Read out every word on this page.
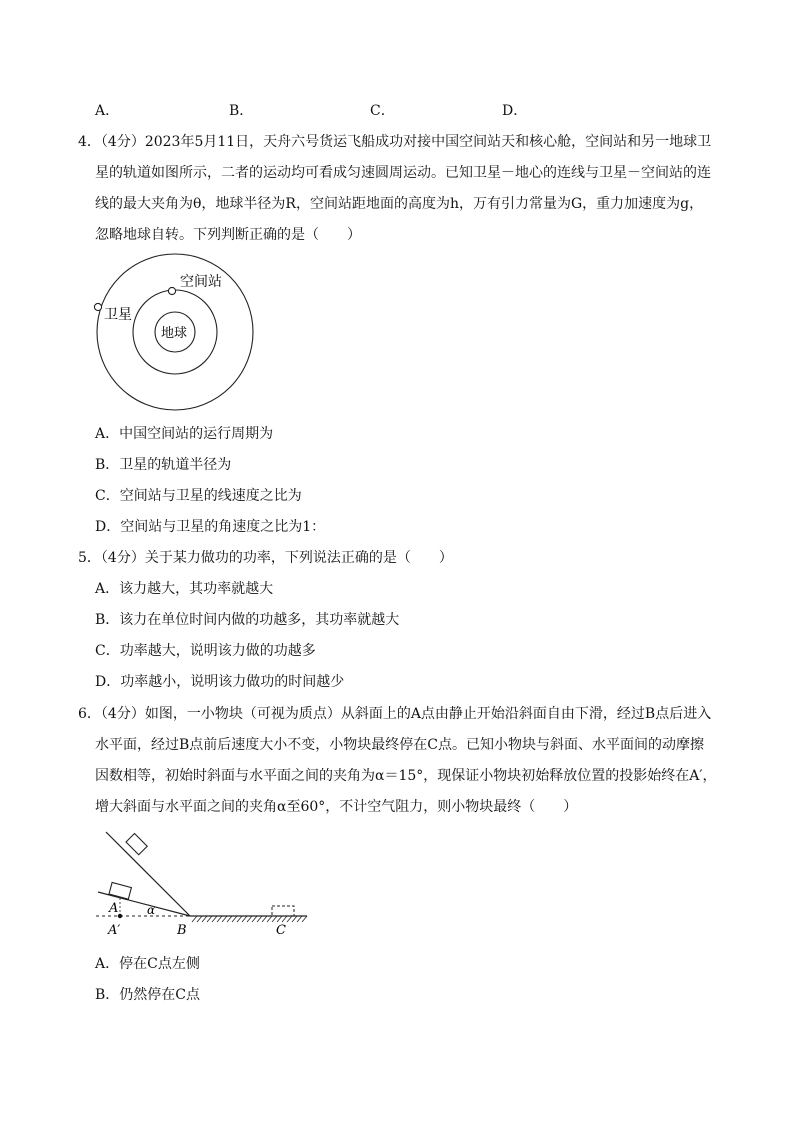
A．	B．	C．	D．
4．（4分）2023年5月11日，天舟六号货运飞船成功对接中国空间站天和核心舱，空间站和另一地球卫
星的轨道如图所示，二者的运动均可看成匀速圆周运动。已知卫星－地心的连线与卫星－空间站的连
线的最大夹角为θ，地球半径为R，空间站距地面的高度为h，万有引力常量为G，重力加速度为g，
忽略地球自转。下列判断正确的是（　　）
空间站
卫星
地球
A．中国空间站的运行周期为
B．卫星的轨道半径为
C．空间站与卫星的线速度之比为
D．空间站与卫星的角速度之比为1：
5．（4分）关于某力做功的功率，下列说法正确的是（　　）
A．该力越大，其功率就越大
B．该力在单位时间内做的功越多，其功率就越大
C．功率越大，说明该力做的功越多
D．功率越小，说明该力做功的时间越少
6．（4分）如图，一小物块（可视为质点）从斜面上的A点由静止开始沿斜面自由下滑，经过B点后进入
水平面，经过B点前后速度大小不变，小物块最终停在C点。已知小物块与斜面、水平面间的动摩擦
因数相等，初始时斜面与水平面之间的夹角为α＝15°，现保证小物块初始释放位置的投影始终在A′，
增大斜面与水平面之间的夹角α至60°，不计空气阻力，则小物块最终（　　）
A α
A′	B	C
A．停在C点左侧
B．仍然停在C点
